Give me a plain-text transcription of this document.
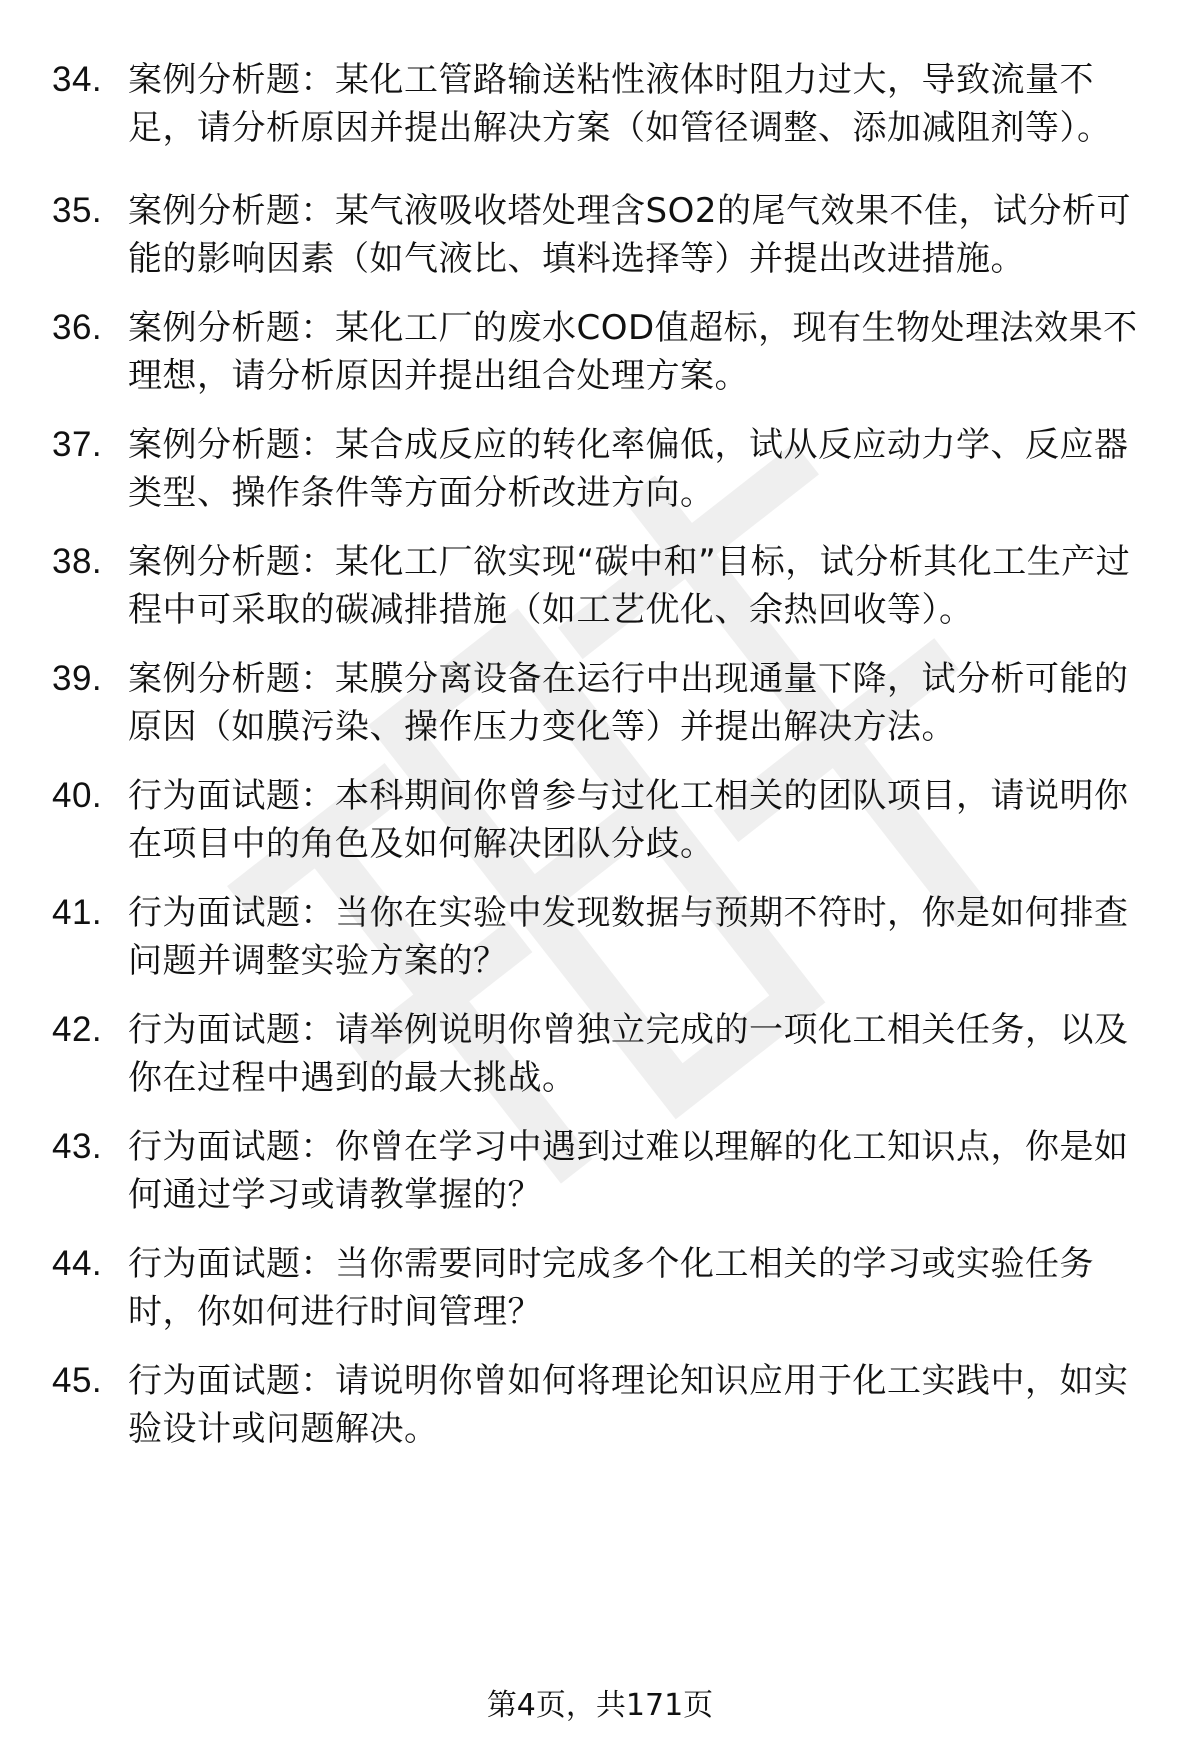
34. 案例分析题：某化工管路输送粘性液体时阻力过大，导致流量不足，请分析原因并提出解决方案（如管径调整、添加减阻剂等）。
35. 案例分析题：某气液吸收塔处理含SO2的尾气效果不佳，试分析可能的影响因素（如气液比、填料选择等）并提出改进措施。
36. 案例分析题：某化工厂的废水COD值超标，现有生物处理法效果不理想，请分析原因并提出组合处理方案。
37. 案例分析题：某合成反应的转化率偏低，试从反应动力学、反应器类型、操作条件等方面分析改进方向。
38. 案例分析题：某化工厂欲实现“碳中和”目标，试分析其化工生产过程中可采取的碳减排措施（如工艺优化、余热回收等）。
39. 案例分析题：某膜分离设备在运行中出现通量下降，试分析可能的原因（如膜污染、操作压力变化等）并提出解决方法。
40. 行为面试题：本科期间你曾参与过化工相关的团队项目，请说明你在项目中的角色及如何解决团队分歧。
41. 行为面试题：当你在实验中发现数据与预期不符时，你是如何排查问题并调整实验方案的？
42. 行为面试题：请举例说明你曾独立完成的一项化工相关任务，以及你在过程中遇到的最大挑战。
43. 行为面试题：你曾在学习中遇到过难以理解的化工知识点，你是如何通过学习或请教掌握的？
44. 行为面试题：当你需要同时完成多个化工相关的学习或实验任务时，你如何进行时间管理？
45. 行为面试题：请说明你曾如何将理论知识应用于化工实践中，如实验设计或问题解决。
第4页，共171页
